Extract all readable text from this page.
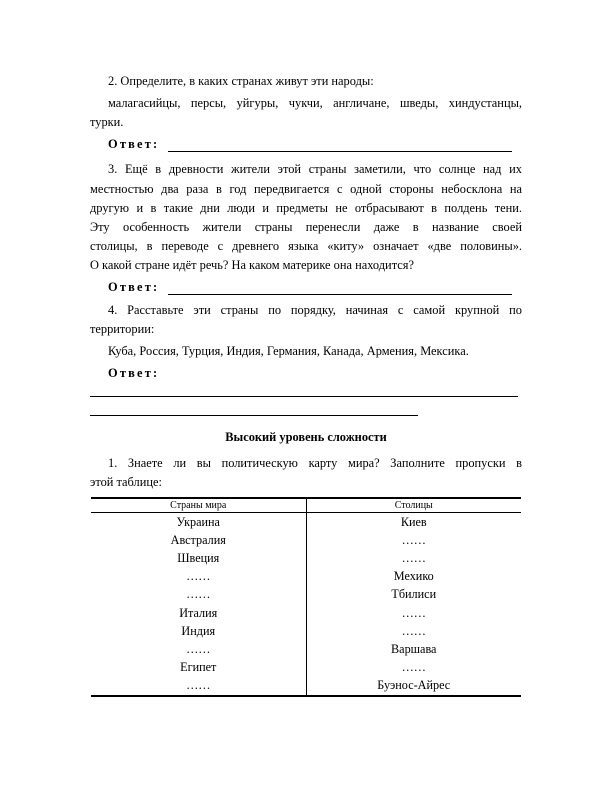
2. Определите, в каких странах живут эти народы:
малагасийцы, персы, уйгуры, чукчи, англичане, шведы, хиндустанцы,
турки.
Ответ:
3. Ещё в древности жители этой страны заметили, что солнце над их
местностью два раза в год передвигается с одной стороны небосклона на
другую и в такие дни люди и предметы не отбрасывают в полдень тени.
Эту особенность жители страны перенесли даже в название своей
столицы, в переводе с древнего языка «киту» означает «две половины».
О какой стране идёт речь? На каком материке она находится?
Ответ:
4. Расставьте эти страны по порядку, начиная с самой крупной по
территории:
Куба, Россия, Турция, Индия, Германия, Канада, Армения, Мексика.
Ответ:
Высокий уровень сложности
1. Знаете ли вы политическую карту мира? Заполните пропуски в
этой таблице:
Страны мира	Столицы
Украина	Киев
Австралия	……
Швеция	……
……	Мехико
……	Тбилиси
Италия	……
Индия	……
……	Варшава
Египет	……
……	Буэнос-Айрес
